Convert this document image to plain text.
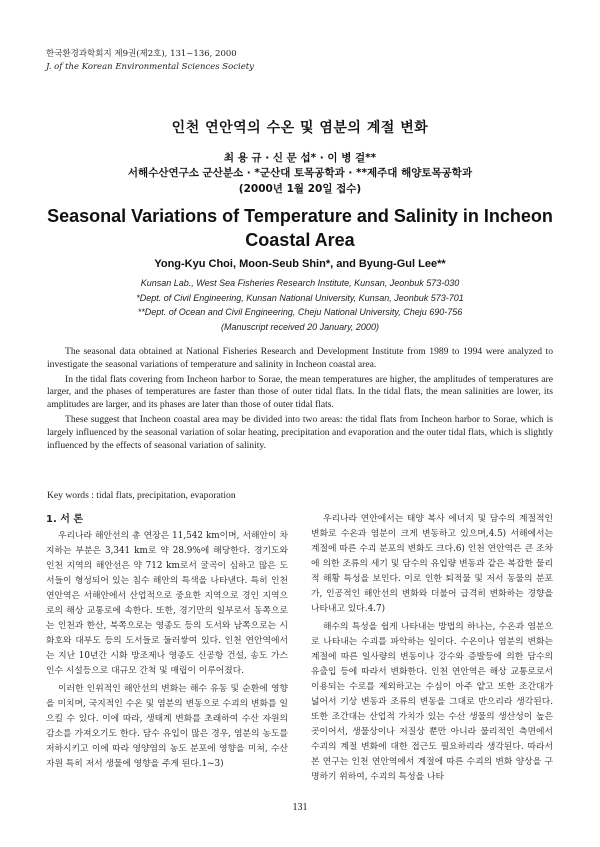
한국환경과학회지 제9권(제2호), 131~136, 2000
J. of the Korean Environmental Sciences Society
인천 연안역의 수온 및 염분의 계절 변화
최 용 규 · 신 문 섭* · 이 병 걸**
서해수산연구소 군산분소 · *군산대 토목공학과 · **제주대 해양토목공학과
(2000년 1월 20일 접수)
Seasonal Variations of Temperature and Salinity in Incheon
Coastal Area
Yong-Kyu Choi, Moon-Seub Shin*, and Byung-Gul Lee**
Kunsan Lab., West Sea Fisheries Research Institute, Kunsan, Jeonbuk 573-030
*Dept. of Civil Engineering, Kunsan National University, Kunsan, Jeonbuk 573-701
**Dept. of Ocean and Civil Engineering, Cheju National University, Cheju 690-756
(Manuscript received 20 January, 2000)

The seasonal data obtained at National Fisheries Research and Development Institute from 1989 to 1994 were analyzed to investigate the seasonal variations of temperature and salinity in Incheon coastal area.

In the tidal flats covering from Incheon harbor to Sorae, the mean temperatures are higher, the amplitudes of temperatures are larger, and the phases of temperatures are faster than those of outer tidal flats. In the tidal flats, the mean salinities are lower, its amplitudes are larger, and its phases are later than those of outer tidal flats.

These suggest that Incheon coastal area may be divided into two areas: the tidal flats from Incheon harbor to Sorae, which is largely influenced by the seasonal variation of solar heating, precipitation and evaporation and the outer tidal flats, which is slightly influenced by the effects of seasonal variation of salinity.

Key words : tidal flats, precipitation, evaporation
1. 서 론

우리나라 해안선의 총 연장은 11,542 km이며, 서해안이 차지하는 부분은 3,341 km로 약 28.9%에 해당한다. 경기도와 인천 지역의 해안선은 약 712 km로서 굴곡이 심하고 많은 도서들이 형성되어 있는 침수 해안의 특색을 나타낸다. 특히 인천 연안역은 서해안에서 산업적으로 중요한 지역으로 경인 지역으로의 해상 교통로에 속한다. 또한, 경기만의 일부로서 동쪽으로는 인천과 한산, 북쪽으로는 영종도 등의 도서와 남쪽으로는 시화호와 대부도 등의 도서들로 둘러쌓여 있다. 인천 연안역에서는 지난 10년간 시화 방조제나 영종도 신공항 건설, 송도 가스 인수 시설등으로 대규모 간척 및 매립이 이루어졌다.

이러한 인위적인 해안선의 변화는 해수 유동 및 순환에 영향을 미치며, 국지적인 수온 및 염분의 변동으로 수괴의 변화를 일으킬 수 있다. 이에 따라, 생태계 변화를 초래하여 수산 자원의 감소를 가져오기도 한다. 담수 유입이 많은 경우, 염분의 농도를 저하시키고 이에 따라 영양염의 농도 분포에 영향을 미쳐, 수산 자원 특히 저서 생물에 영향을 주게 된다.1~3)

우리나라 연안에서는 태양 복사 에너지 및 담수의 계절적인 변화로 수온과 염분이 크게 변동하고 있으며,4.5) 서해에서는 계절에 따른 수괴 분포의 변화도 크다.6) 인천 연안역은 큰 조차에 의한 조류의 세기 및 담수의 유입량 변동과 같은 복잡한 물리적 해황 특성을 보인다. 이로 인한 퇴적물 및 저서 동물의 분포가, 인공적인 해안선의 변화와 더불어 급격히 변화하는 경향을 나타내고 있다.4.7)

해수의 특성을 쉽게 나타내는 방법의 하나는, 수온과 염분으로 나타내는 수괴를 파악하는 일이다. 수온이나 염분의 변화는 계절에 따른 일사량의 변동이나 강수와 증발등에 의한 담수의 유출입 등에 따라서 변화한다. 인천 연안역은 해상 교통로로서 이용되는 수로를 제외하고는 수심이 아주 얕고 또한 조간대가 넓어서 기상 변동과 조류의 변동을 그대로 반으리라 생각된다. 또한 조간대는 산업적 가치가 있는 수산 생물의 생산성이 높은 곳이어서, 생물상이나 저질상 뿐만 아니라 물리적인 측면에서 수괴의 계절 변화에 대한 접근도 필요하리라 생각된다. 따라서 본 연구는 인천 연안역에서 계절에 따른 수괴의 변화 양상을 구명하기 위하여, 수괴의 특성을 나타

131
